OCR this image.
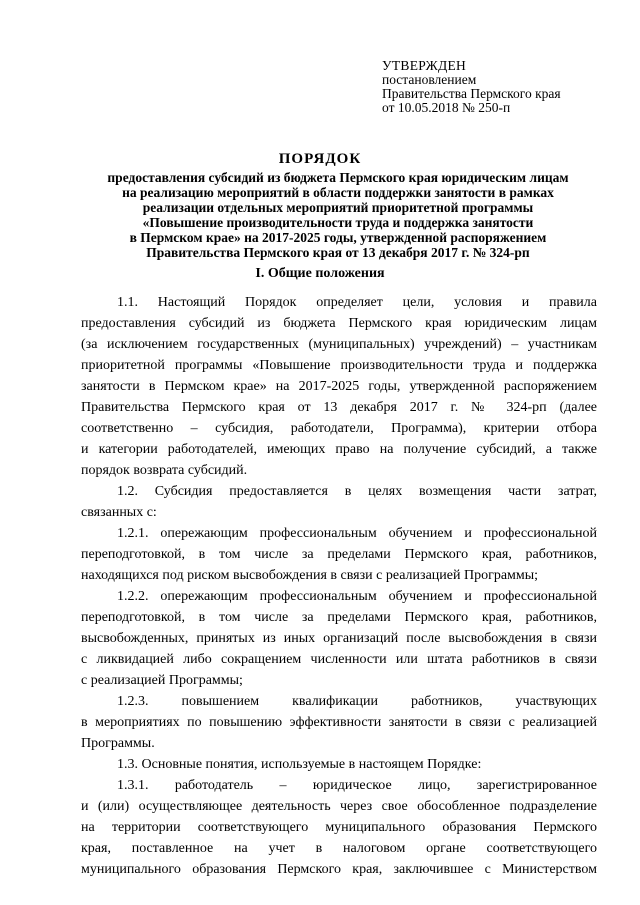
УТВЕРЖДЕН
постановлением
Правительства Пермского края
от 10.05.2018 № 250-п
ПОРЯДОК
предоставления субсидий из бюджета Пермского края юридическим лицам
на реализацию мероприятий в области поддержки занятости в рамках
реализации отдельных мероприятий приоритетной программы
«Повышение производительности труда и поддержка занятости
в Пермском крае» на 2017-2025 годы, утвержденной распоряжением
Правительства Пермского края от 13 декабря 2017 г. № 324-рп
I. Общие положения
1.1. Настоящий Порядок определяет цели, условия и правила
предоставления субсидий из бюджета Пермского края юридическим лицам
(за исключением государственных (муниципальных) учреждений) – участникам
приоритетной программы «Повышение производительности труда и поддержка
занятости в Пермском крае» на 2017-2025 годы, утвержденной распоряжением
Правительства Пермского края от 13 декабря 2017 г. № 324-рп (далее
соответственно – субсидия, работодатели, Программа), критерии отбора
и категории работодателей, имеющих право на получение субсидий, а также
порядок возврата субсидий.
1.2. Субсидия предоставляется в целях возмещения части затрат,
связанных с:
1.2.1. опережающим профессиональным обучением и профессиональной
переподготовкой, в том числе за пределами Пермского края, работников,
находящихся под риском высвобождения в связи с реализацией Программы;
1.2.2. опережающим профессиональным обучением и профессиональной
переподготовкой, в том числе за пределами Пермского края, работников,
высвобожденных, принятых из иных организаций после высвобождения в связи
с ликвидацией либо сокращением численности или штата работников в связи
с реализацией Программы;
1.2.3. повышением квалификации работников, участвующих
в мероприятиях по повышению эффективности занятости в связи с реализацией
Программы.
1.3. Основные понятия, используемые в настоящем Порядке:
1.3.1. работодатель – юридическое лицо, зарегистрированное
и (или) осуществляющее деятельность через свое обособленное подразделение
на территории соответствующего муниципального образования Пермского
края, поставленное на учет в налоговом органе соответствующего
муниципального образования Пермского края, заключившее с Министерством
